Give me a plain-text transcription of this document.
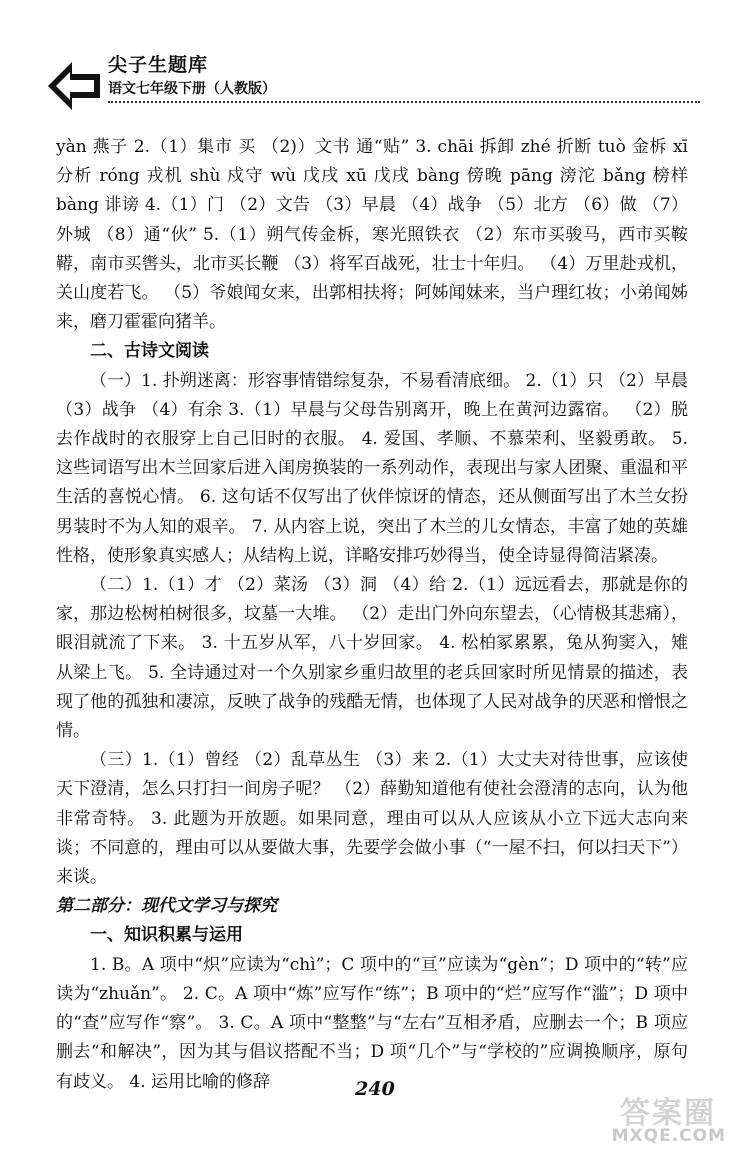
尖子生题库
语文七年级下册（人教版）

yàn 燕子 2.（1）集市 买 （2)）文书 通“贴” 3. chāi 拆卸 zhé 折断 tuò 金柝 xī 分析 róng 戎机 shù 戍守 wù 戊戌 xū 戊戌 bàng 傍晚 pāng 滂沱 bǎng 榜样 bàng 诽谤 4.（1）门 （2）文告 （3）早晨 （4）战争 （5）北方 （6）做 （7）外城 （8）通“伙” 5.（1）朔气传金柝，寒光照铁衣 （2）东市买骏马，西市买鞍鞯，南市买辔头，北市买长鞭 （3）将军百战死，壮士十年归。 （4）万里赴戎机，关山度若飞。 （5）爷娘闻女来，出郭相扶将；阿姊闻妹来，当户理红妆；小弟闻姊来，磨刀霍霍向猪羊。

二、古诗文阅读

（一）1. 扑朔迷离：形容事情错综复杂，不易看清底细。 2.（1）只 （2）早晨 （3）战争 （4）有余 3.（1）早晨与父母告别离开，晚上在黄河边露宿。 （2）脱去作战时的衣服穿上自己旧时的衣服。 4. 爱国、孝顺、不慕荣利、坚毅勇敢。 5. 这些词语写出木兰回家后进入闺房换装的一系列动作，表现出与家人团聚、重温和平生活的喜悦心情。 6. 这句话不仅写出了伙伴惊讶的情态，还从侧面写出了木兰女扮男装时不为人知的艰辛。 7. 从内容上说，突出了木兰的儿女情态，丰富了她的英雄性格，使形象真实感人；从结构上说，详略安排巧妙得当，使全诗显得简洁紧凑。

（二）1.（1）才 （2）菜汤 （3）洞 （4）给 2.（1）远远看去，那就是你的家，那边松树柏树很多，坟墓一大堆。 （2）走出门外向东望去，（心情极其悲痛），眼泪就流了下来。 3. 十五岁从军，八十岁回家。 4. 松柏冢累累，兔从狗窦入，雉从梁上飞。 5. 全诗通过对一个久别家乡重归故里的老兵回家时所见情景的描述，表现了他的孤独和凄凉，反映了战争的残酷无情，也体现了人民对战争的厌恶和憎恨之情。

（三）1.（1）曾经 （2）乱草丛生 （3）来 2.（1）大丈夫对待世事，应该使天下澄清，怎么只打扫一间房子呢？ （2）薛勤知道他有使社会澄清的志向，认为他非常奇特。 3. 此题为开放题。如果同意，理由可以从人应该从小立下远大志向来谈；不同意的，理由可以从要做大事，先要学会做小事（“一屋不扫，何以扫天下”）来谈。

第二部分：现代文学习与探究

一、知识积累与运用

1. B。A 项中“炽”应读为“chì”；C 项中的“亘”应读为“gèn”；D 项中的“转”应读为“zhuǎn”。 2. C。A 项中“炼”应写作“练”；B 项中的“烂”应写作“滥”；D 项中的“查”应写作“察”。 3. C。A 项中“整整”与“左右”互相矛盾，应删去一个；B 项应删去“和解决”，因为其与倡议搭配不当；D 项“几个”与“学校的”应调换顺序，原句有歧义。 4. 运用比喻的修辞	240
答案圈
MXQE.COM
